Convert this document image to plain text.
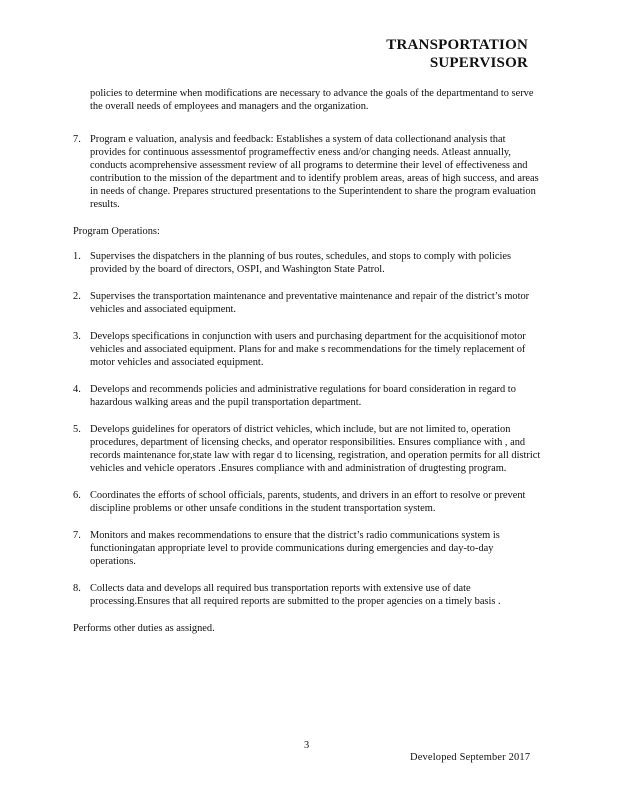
TRANSPORTATION
SUPERVISOR
policies to determine when modifications are necessary to advance the goals of the departmentand to serve the overall needs of employees and managers and the organization.
7. Program e valuation, analysis and feedback: Establishes a system of data collectionand analysis that provides for continuous assessmentof programeffectiv eness and/or changing needs. Atleast annually, conducts acomprehensive assessment review of all programs to determine their level of effectiveness and contribution to the mission of the department and to identify problem areas, areas of high success, and areas in needs of change. Prepares structured presentations to the Superintendent to share the program evaluation results.
Program Operations:
1. Supervises the dispatchers in the planning of bus routes, schedules, and stops to comply with policies provided by the board of directors, OSPI, and Washington State Patrol.
2. Supervises the transportation maintenance and preventative maintenance and repair of the district’s motor vehicles and associated equipment.
3. Develops specifications in conjunction with users and purchasing department for the acquisitionof motor vehicles and associated equipment. Plans for and make s recommendations for the timely replacement of motor vehicles and associated equipment.
4. Develops and recommends policies and administrative regulations for board consideration in regard to hazardous walking areas and the pupil transportation department.
5. Develops guidelines for operators of district vehicles, which include, but are not limited to, operation procedures, department of licensing checks, and operator responsibilities. Ensures compliance with , and records maintenance for,state law with regar d to licensing, registration, and operation permits for all district vehicles and vehicle operators .Ensures compliance with and administration of drugtesting program.
6. Coordinates the efforts of school officials, parents, students, and drivers in an effort to resolve or prevent discipline problems or other unsafe conditions in the student transportation system.
7. Monitors and makes recommendations to ensure that the district’s radio communications system is functioningatan appropriate level to provide communications during emergencies and day-to-day operations.
8. Collects data and develops all required bus transportation reports with extensive use of date processing.Ensures that all required reports are submitted to the proper agencies on a timely basis .
Performs other duties as assigned.
3
Developed September 2017
